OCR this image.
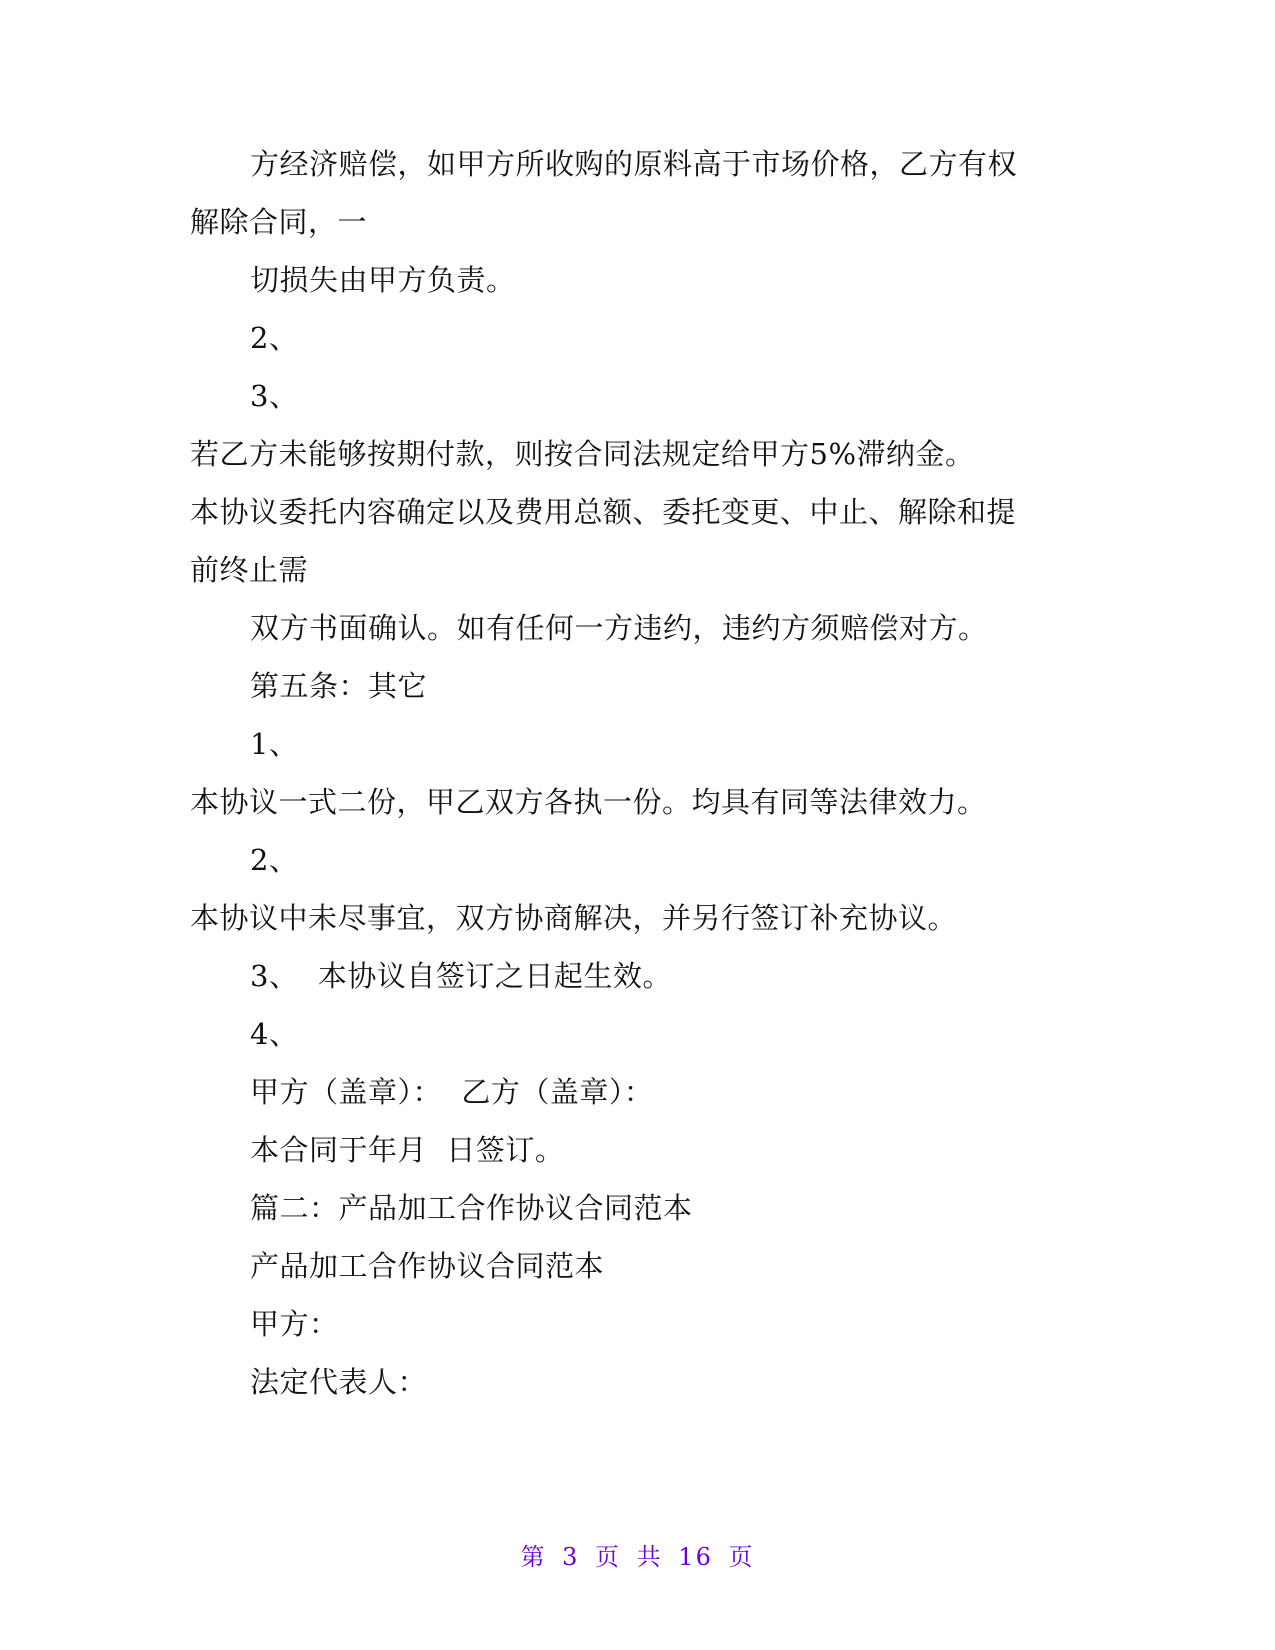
方经济赔偿，如甲方所收购的原料高于市场价格，乙方有权
解除合同，一
切损失由甲方负责。
2、
3、
若乙方未能够按期付款，则按合同法规定给甲方5%滞纳金。
本协议委托内容确定以及费用总额、委托变更、中止、解除和提
前终止需
双方书面确认。如有任何一方违约，违约方须赔偿对方。
第五条：其它
1、
本协议一式二份，甲乙双方各执一份。均具有同等法律效力。
2、
本协议中未尽事宜，双方协商解决，并另行签订补充协议。
3、  本协议自签订之日起生效。
4、
甲方（盖章）：  乙方（盖章）：
本合同于年月  日签订。
篇二：产品加工合作协议合同范本
产品加工合作协议合同范本
甲方：
法定代表人：
第 3 页 共 16 页
